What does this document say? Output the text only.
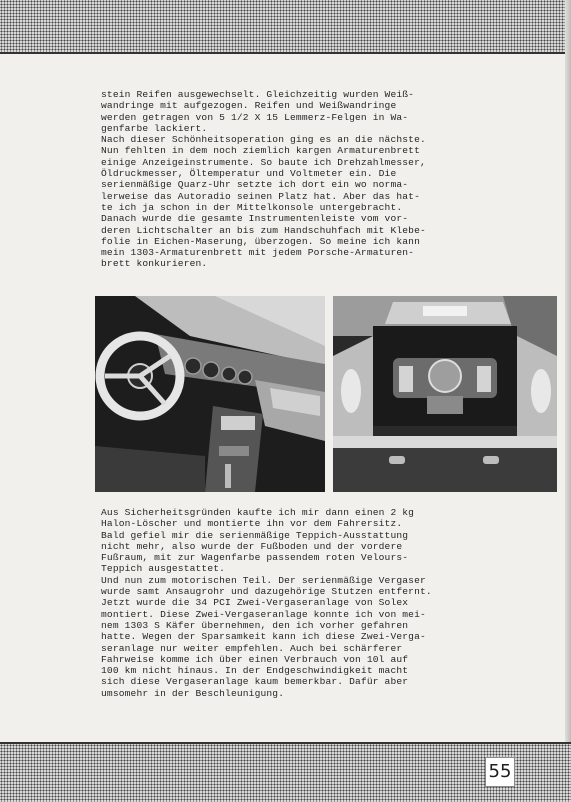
stein Reifen ausgewechselt. Gleichzeitig wurden Weiß-
wandringe mit aufgezogen. Reifen und Weißwandringe
werden getragen von 5 1/2 X 15 Lemmerz-Felgen in Wa-
genfarbe lackiert.
Nach dieser Schönheitsoperation ging es an die nächste.
Nun fehlten in dem noch ziemlich kargen Armaturenbrett
einige Anzeigeinstrumente. So baute ich Drehzahlmesser,
Öldruckmesser, Öltemperatur und Voltmeter ein. Die
serienmäßige Quarz-Uhr setzte ich dort ein wo norma-
lerweise das Autoradio seinen Platz hat. Aber das hat-
te ich ja schon in der Mittelkonsole untergebracht.
Danach wurde die gesamte Instrumentenleiste vom vor-
deren Lichtschalter an bis zum Handschuhfach mit Klebe-
folie in Eichen-Maserung, überzogen. So meine ich kann
mein 1303-Armaturenbrett mit jedem Porsche-Armaturen-
brett konkurieren.
Aus Sicherheitsgründen kaufte ich mir dann einen 2 kg
Halon-Löscher und montierte ihn vor dem Fahrersitz.
Bald gefiel mir die serienmäßige Teppich-Ausstattung
nicht mehr, also wurde der Fußboden und der vordere
Fußraum, mit zur Wagenfarbe passendem roten Velours-
Teppich ausgestattet.
Und nun zum motorischen Teil. Der serienmäßige Vergaser
wurde samt Ansaugrohr und dazugehörige Stutzen entfernt.
Jetzt wurde die 34 PCI Zwei-Vergaseranlage von Solex
montiert. Diese Zwei-Vergaseranlage konnte ich von mei-
nem 1303 S Käfer übernehmen, den ich vorher gefahren
hatte. Wegen der Sparsamkeit kann ich diese Zwei-Verga-
seranlage nur weiter empfehlen. Auch bei schärferer
Fahrweise komme ich über einen Verbrauch von 10l auf
100 km nicht hinaus. In der Endgeschwindigkeit macht
sich diese Vergaseranlage kaum bemerkbar. Dafür aber
umsomehr in der Beschleunigung.
55
